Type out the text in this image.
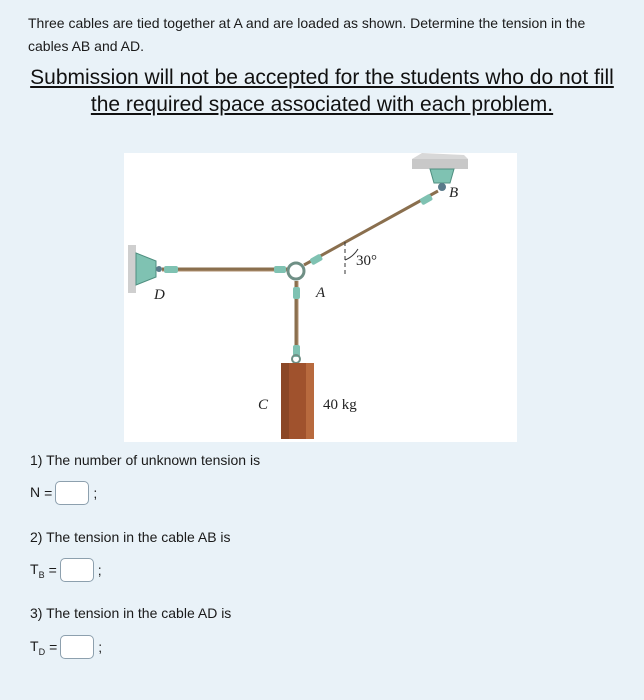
Three cables are tied together at A and are loaded as shown. Determine the tension in the cables AB and AD.
Submission will not be accepted for the students who do not fill the required space associated with each problem.
B
D	A
C
30°
40 kg
1) The number of unknown tension is
N =	;
2) The tension in the cable AB is
$T_B$ =	;
3) The tension in the cable AD is
$T_D$ =	;
